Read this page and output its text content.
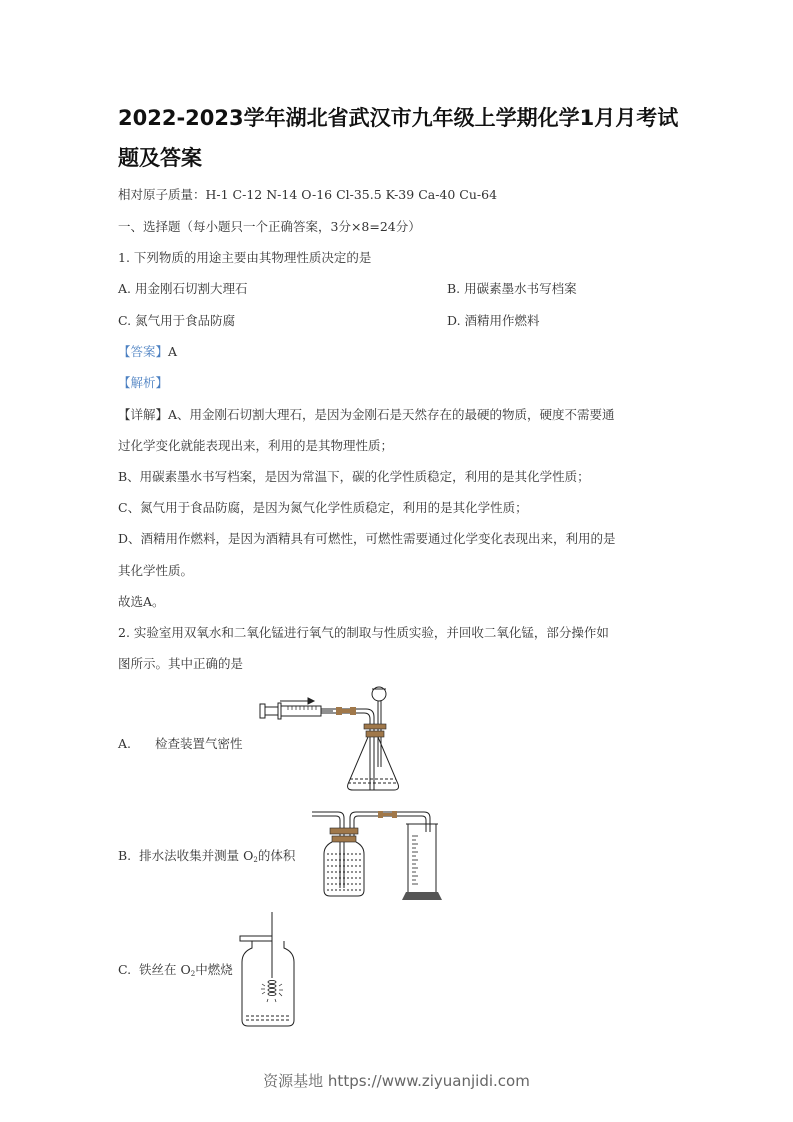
2022-2023学年湖北省武汉市九年级上学期化学1月月考试
题及答案
相对原子质量：H-1 C-12 N-14 O-16 Cl-35.5 K-39 Ca-40 Cu-64
一、选择题（每小题只一个正确答案，3分×8=24分）
1. 下列物质的用途主要由其物理性质决定的是
A. 用金刚石切割大理石	B. 用碳素墨水书写档案
C. 氮气用于食品防腐	D. 酒精用作燃料
【答案】A
【解析】
【详解】A、用金刚石切割大理石，是因为金刚石是天然存在的最硬的物质，硬度不需要通
过化学变化就能表现出来，利用的是其物理性质；
B、用碳素墨水书写档案，是因为常温下，碳的化学性质稳定，利用的是其化学性质；
C、氮气用于食品防腐，是因为氮气化学性质稳定，利用的是其化学性质；
D、酒精用作燃料，是因为酒精具有可燃性，可燃性需要通过化学变化表现出来，利用的是
其化学性质。
故选A。
2. 实验室用双氧水和二氧化锰进行氧气的制取与性质实验，并回收二氧化锰，部分操作如
图所示。其中正确的是
A. 检查装置气密性
B. 排水法收集并测量 $O_2$的体积
C. 铁丝在 $O_2$中燃烧
资源基地 https://www.ziyuanjidi.com
